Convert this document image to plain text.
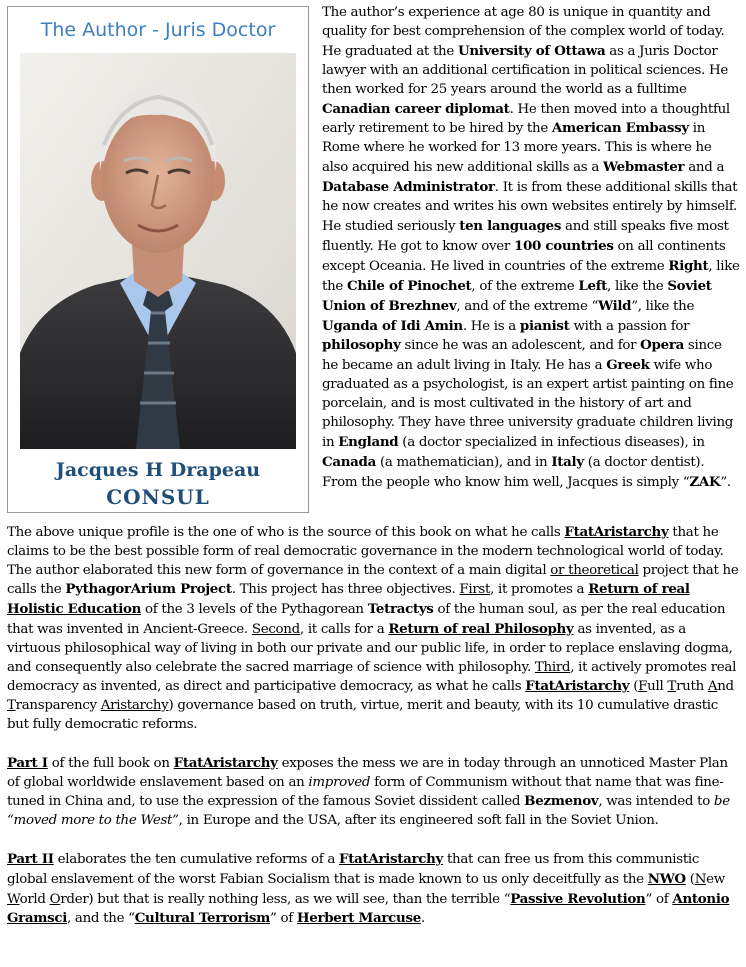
The Author - Juris Doctor
Jacques H Drapeau
CONSUL

The author’s experience at age 80 is unique in quantity and quality for best comprehension of the complex world of today. He graduated at the University of Ottawa as a Juris Doctor lawyer with an additional certification in political sciences. He then worked for 25 years around the world as a fulltime Canadian career diplomat. He then moved into a thoughtful early retirement to be hired by the American Embassy in Rome where he worked for 13 more years. This is where he also acquired his new additional skills as a Webmaster and a Database Administrator. It is from these additional skills that he now creates and writes his own websites entirely by himself. He studied seriously ten languages and still speaks five most fluently. He got to know over 100 countries on all continents except Oceania. He lived in countries of the extreme Right, like the Chile of Pinochet, of the extreme Left, like the Soviet Union of Brezhnev, and of the extreme “Wild”, like the Uganda of Idi Amin. He is a pianist with a passion for philosophy since he was an adolescent, and for Opera since he became an adult living in Italy. He has a Greek wife who graduated as a psychologist, is an expert artist painting on fine porcelain, and is most cultivated in the history of art and philosophy. They have three university graduate children living in England (a doctor specialized in infectious diseases), in Canada (a mathematician), and in Italy (a doctor dentist). From the people who know him well, Jacques is simply “ZAK”.

The above unique profile is the one of who is the source of this book on what he calls FtatAristarchy that he claims to be the best possible form of real democratic governance in the modern technological world of today. The author elaborated this new form of governance in the context of a main digital or theoretical project that he calls the PythagorArium Project. This project has three objectives. First, it promotes a Return of real Holistic Education of the 3 levels of the Pythagorean Tetractys of the human soul, as per the real education that was invented in Ancient-Greece. Second, it calls for a Return of real Philosophy as invented, as a virtuous philosophical way of living in both our private and our public life, in order to replace enslaving dogma, and consequently also celebrate the sacred marriage of science with philosophy. Third, it actively promotes real democracy as invented, as direct and participative democracy, as what he calls FtatAristarchy (Full Truth And Transparency Aristarchy) governance based on truth, virtue, merit and beauty, with its 10 cumulative drastic but fully democratic reforms.

Part I of the full book on FtatAristarchy exposes the mess we are in today through an unnoticed Master Plan of global worldwide enslavement based on an improved form of Communism without that name that was fine-tuned in China and, to use the expression of the famous Soviet dissident called Bezmenov, was intended to be “moved more to the West”, in Europe and the USA, after its engineered soft fall in the Soviet Union.

Part II elaborates the ten cumulative reforms of a FtatAristarchy that can free us from this communistic global enslavement of the worst Fabian Socialism that is made known to us only deceitfully as the NWO (New World Order) but that is really nothing less, as we will see, than the terrible “Passive Revolution” of Antonio Gramsci, and the “Cultural Terrorism” of Herbert Marcuse.
